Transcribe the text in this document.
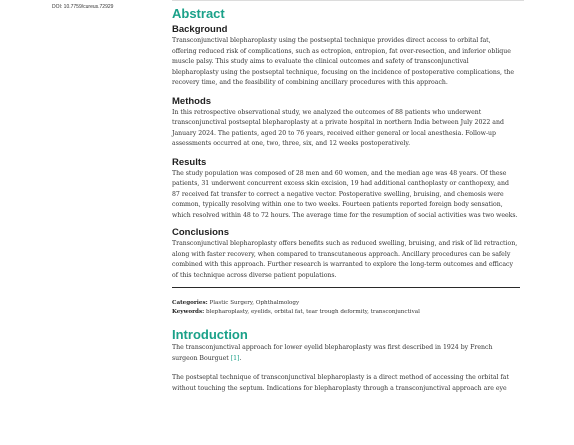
DOI: 10.7759/cureus.72929	Abstract
Background

Transconjunctival blepharoplasty using the postseptal technique provides direct access to orbital fat,
offering reduced risk of complications, such as ectropion, entropion, fat over-resection, and inferior oblique
muscle palsy. This study aims to evaluate the clinical outcomes and safety of transconjunctival
blepharoplasty using the postseptal technique, focusing on the incidence of postoperative complications, the
recovery time, and the feasibility of combining ancillary procedures with this approach.

Methods

In this retrospective observational study, we analyzed the outcomes of 88 patients who underwent
transconjunctival postseptal blepharoplasty at a private hospital in northern India between July 2022 and
January 2024. The patients, aged 20 to 76 years, received either general or local anesthesia. Follow-up
assessments occurred at one, two, three, six, and 12 weeks postoperatively.

Results

The study population was composed of 28 men and 60 women, and the median age was 48 years. Of these
patients, 31 underwent concurrent excess skin excision, 19 had additional canthoplasty or canthopexy, and
87 received fat transfer to correct a negative vector. Postoperative swelling, bruising, and chemosis were
common, typically resolving within one to two weeks. Fourteen patients reported foreign body sensation,
which resolved within 48 to 72 hours. The average time for the resumption of social activities was two weeks.

Conclusions

Transconjunctival blepharoplasty offers benefits such as reduced swelling, bruising, and risk of lid retraction,
along with faster recovery, when compared to transcutaneous approach. Ancillary procedures can be safely
combined with this approach. Further research is warranted to explore the long-term outcomes and efficacy
of this technique across diverse patient populations.

Categories: Plastic Surgery, Ophthalmology
Keywords: blepharoplasty, eyelids, orbital fat, tear trough deformity, transconjunctival
Introduction

The transconjunctival approach for lower eyelid blepharoplasty was first described in 1924 by French
surgeon Bourguet [1].

The postseptal technique of transconjunctival blepharoplasty is a direct method of accessing the orbital fat
without touching the septum. Indications for blepharoplasty through a transconjunctival approach are eye
